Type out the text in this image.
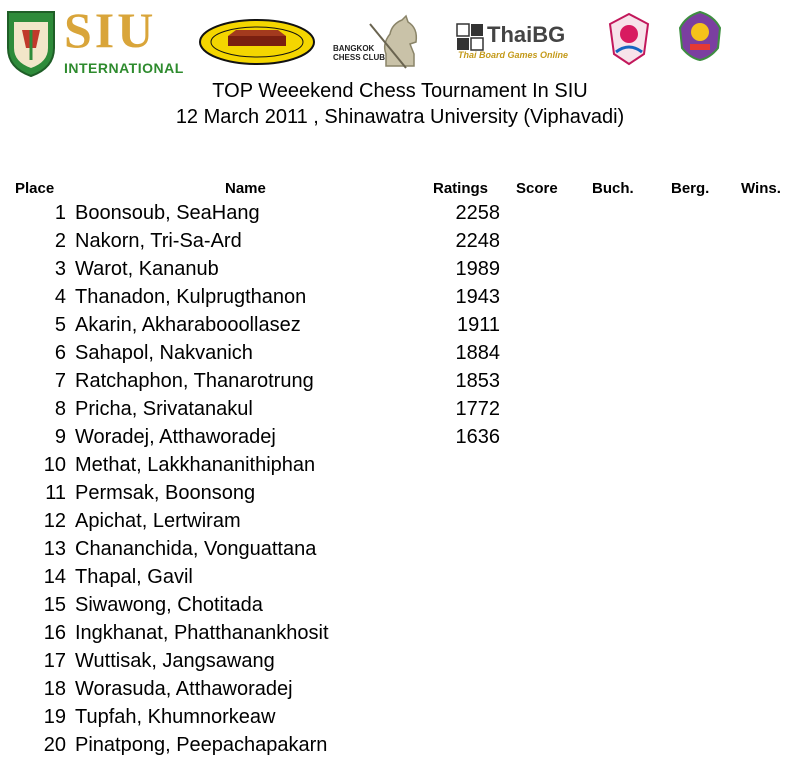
SIU
INTERNATIONAL
BANGKOK
CHESS CLUB
ThaiBG
Thai Board Games Online
TOP Weeekend Chess Tournament In SIU
12 March 2011 , Shinawatra University (Viphavadi)
Place	Name	Ratings Score Buch. Berg. Wins.
1 Boonsoub, SeaHang	2258
2 Nakorn, Tri-Sa-Ard	2248
3 Warot, Kananub	1989
4 Thanadon, Kulprugthanon	1943
5 Akarin, Akharabooollasez	1911
6 Sahapol, Nakvanich	1884
7 Ratchaphon, Thanarotrung	1853
8 Pricha, Srivatanakul	1772
9 Woradej, Atthaworadej	1636
10 Methat, Lakkhananithiphan
11 Permsak, Boonsong
12 Apichat, Lertwiram
13 Chananchida, Vonguattana
14 Thapal, Gavil
15 Siwawong, Chotitada
16 Ingkhanat, Phatthanankhosit
17 Wuttisak, Jangsawang
18 Worasuda, Atthaworadej
19 Tupfah, Khumnorkeaw
20 Pinatpong, Peepachapakarn
